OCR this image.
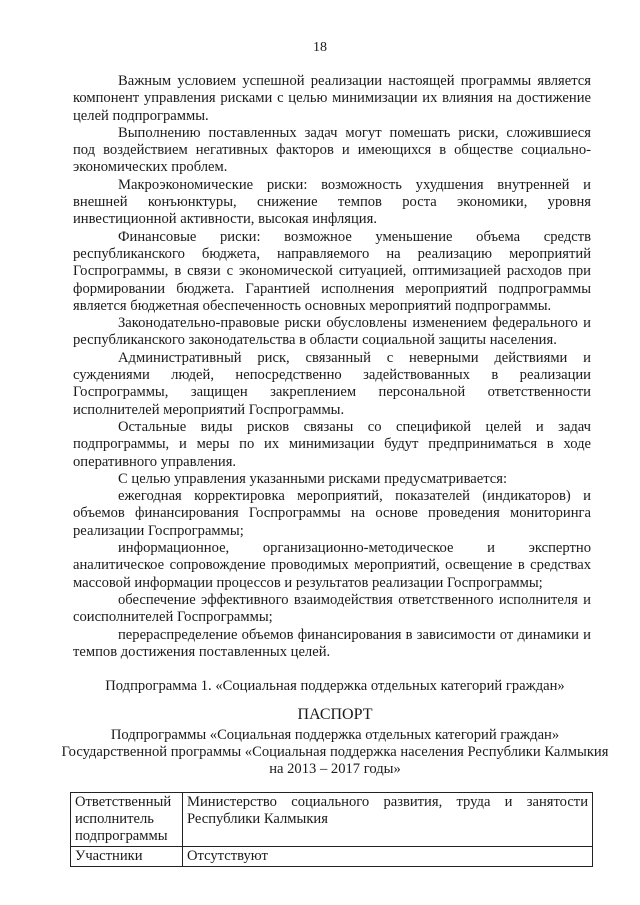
18

Важным условием успешной реализации настоящей программы является компонент управления рисками с целью минимизации их влияния на достижение целей подпрограммы.

Выполнению поставленных задач могут помешать риски, сложившиеся под воздействием негативных факторов и имеющихся в обществе социально-экономических проблем.

Макроэкономические риски: возможность ухудшения внутренней и внешней конъюнктуры, снижение темпов роста экономики, уровня инвестиционной активности, высокая инфляция.

Финансовые риски: возможное уменьшение объема средств республиканского бюджета, направляемого на реализацию мероприятий Госпрограммы, в связи с экономической ситуацией, оптимизацией расходов при формировании бюджета. Гарантией исполнения мероприятий подпрограммы является бюджетная обеспеченность основных мероприятий подпрограммы.

Законодательно-правовые риски обусловлены изменением федерального и республиканского законодательства в области социальной защиты населения.

Административный риск, связанный с неверными действиями и суждениями людей, непосредственно задействованных в реализации Госпрограммы, защищен закреплением персональной ответственности исполнителей мероприятий Госпрограммы.

Остальные виды рисков связаны со спецификой целей и задач подпрограммы, и меры по их минимизации будут предприниматься в ходе оперативного управления.

С целью управления указанными рисками предусматривается:

ежегодная корректировка мероприятий, показателей (индикаторов) и объемов финансирования Госпрограммы на основе проведения мониторинга реализации Госпрограммы;

информационное, организационно-методическое и экспертно аналитическое сопровождение проводимых мероприятий, освещение в средствах массовой информации процессов и результатов реализации Госпрограммы;

обеспечение эффективного взаимодействия ответственного исполнителя и соисполнителей Госпрограммы;

перераспределение объемов финансирования в зависимости от динамики и темпов достижения поставленных целей.

Подпрограмма 1. «Социальная поддержка отдельных категорий граждан»
ПАСПОРТ
Подпрограммы «Социальная поддержка отдельных категорий граждан» Государственной программы «Социальная поддержка населения Республики Калмыкия на 2013 – 2017 годы»
Ответственный исполнитель подпрограммы	Министерство социального развития, труда и занятости Республики Калмыкия
Участники	Отсутствуют
